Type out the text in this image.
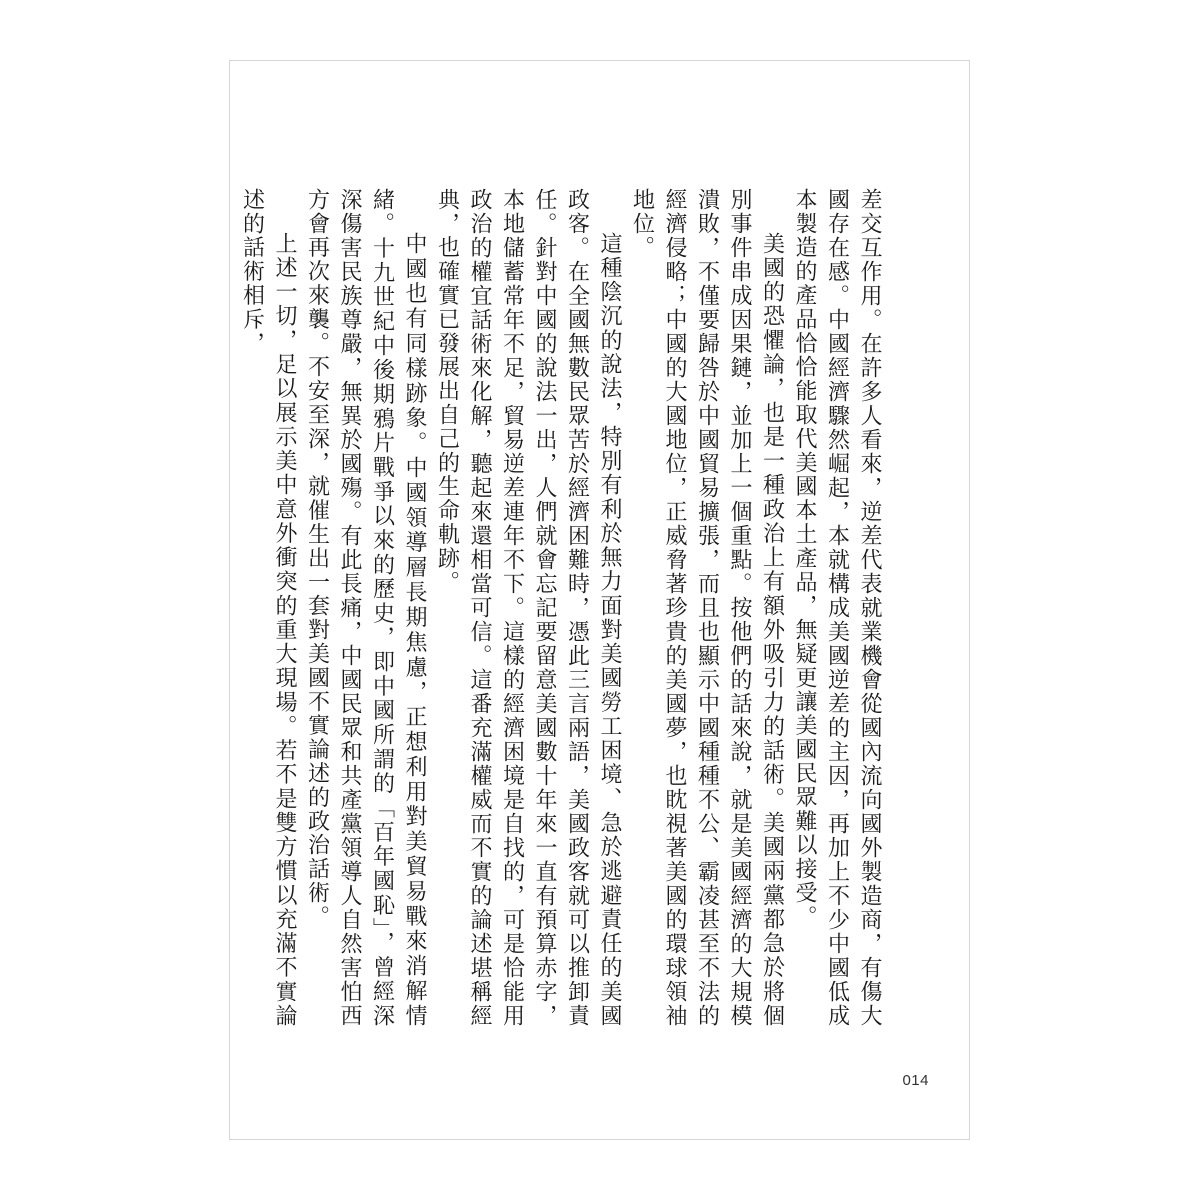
差交互作用。在許多人看來，逆差代表就業機會從國內流向國外製造商，有傷大國存在感。中國經濟驟然崛起，本就構成美國逆差的主因，再加上不少中國低成本製造的產品恰恰能取代美國本土產品，無疑更讓美國民眾難以接受。

美國的恐懼論，也是一種政治上有額外吸引力的話術。美國兩黨都急於將個別事件串成因果鏈，並加上一個重點。按他們的話來說，就是美國經濟的大規模潰敗，不僅要歸咎於中國貿易擴張，而且也顯示中國種種不公、霸凌甚至不法的經濟侵略；中國的大國地位，正威脅著珍貴的美國夢，也眈視著美國的環球領袖地位。

這種陰沉的說法，特別有利於無力面對美國勞工困境、急於逃避責任的美國政客。在全國無數民眾苦於經濟困難時，憑此三言兩語，美國政客就可以推卸責任。針對中國的說法一出，人們就會忘記要留意美國數十年來一直有預算赤字，本地儲蓄常年不足，貿易逆差連年不下。這樣的經濟困境是自找的，可是恰能用政治的權宜話術來化解，聽起來還相當可信。這番充滿權威而不實的論述堪稱經典，也確實已發展出自己的生命軌跡。

中國也有同樣跡象。中國領導層長期焦慮，正想利用對美貿易戰來消解情緒。十九世紀中後期鴉片戰爭以來的歷史，即中國所謂的「百年國恥」，曾經深深傷害民族尊嚴，無異於國殤。有此長痛，中國民眾和共產黨領導人自然害怕西方會再次來襲。不安至深，就催生出一套對美國不實論述的政治話術。

上述一切，足以展示美中意外衝突的重大現場。若不是雙方慣以充滿不實論述的話術相斥，

014
